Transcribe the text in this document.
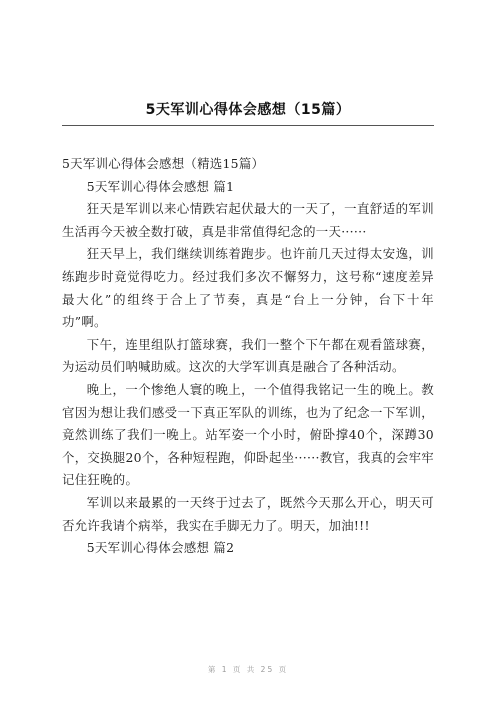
5天军训心得体会感想（15篇）

5天军训心得体会感想（精选15篇）

5天军训心得体会感想 篇1

狂天是军训以来心情跌宕起伏最大的一天了，一直舒适的军训生活再今天被全数打破，真是非常值得纪念的一天······

狂天早上，我们继续训练着跑步。也许前几天过得太安逸，训练跑步时竟觉得吃力。经过我们多次不懈努力，这号称“速度差异最大化”的组终于合上了节奏，真是“台上一分钟，台下十年功”啊。

下午，连里组队打篮球赛，我们一整个下午都在观看篮球赛，为运动员们呐喊助威。这次的大学军训真是融合了各种活动。

晚上，一个惨绝人寰的晚上，一个值得我铭记一生的晚上。教官因为想让我们感受一下真正军队的训练，也为了纪念一下军训，竟然训练了我们一晚上。站军姿一个小时，俯卧撑40个，深蹲30个，交换腿20个，各种短程跑，仰卧起坐······教官，我真的会牢牢记住狂晚的。

军训以来最累的一天终于过去了，既然今天那么开心，明天可否允许我请个病举，我实在手脚无力了。明天，加油!!!

5天军训心得体会感想 篇2

第 1 页 共 25 页
